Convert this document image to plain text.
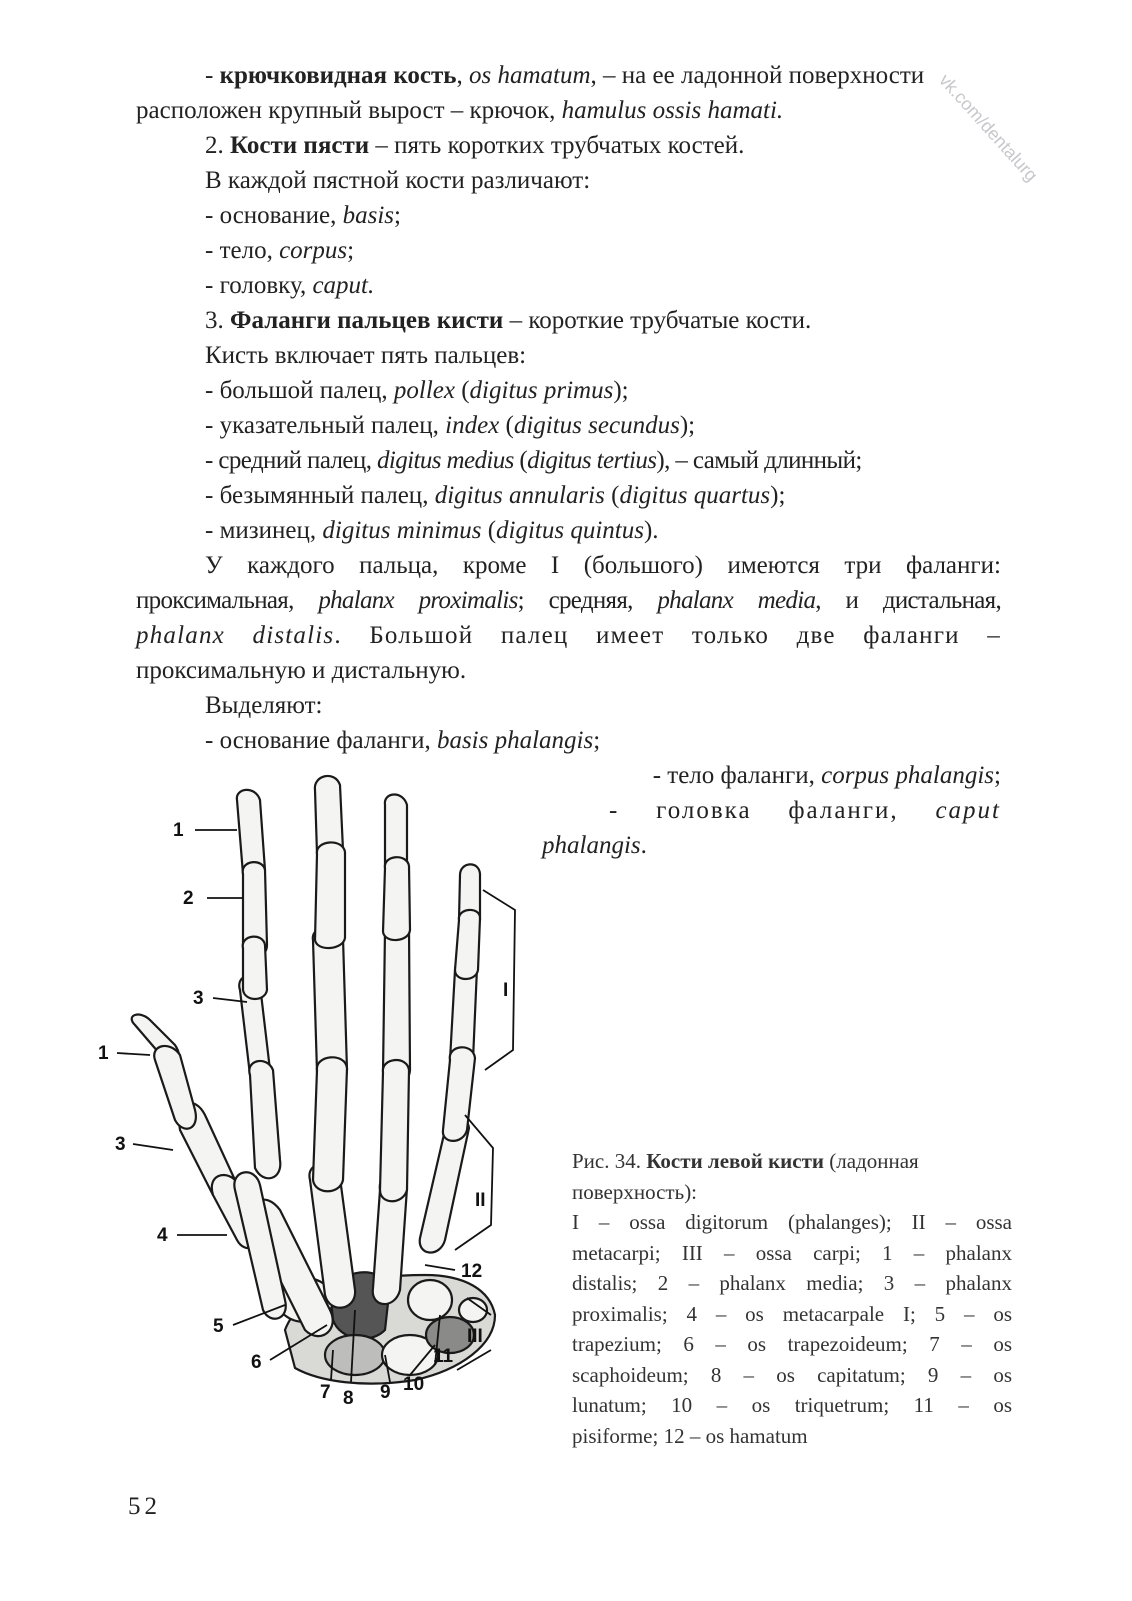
vk.com/dentalurg
- крючковидная кость, os hamatum, – на ее ладонной поверхности
расположен крупный вырост – крючок, hamulus ossis hamati.
2. Кости пясти – пять коротких трубчатых костей.
В каждой пястной кости различают:
- основание, basis;
- тело, corpus;
- головку, caput.
3. Фаланги пальцев кисти – короткие трубчатые кости.
Кисть включает пять пальцев:
- большой палец, pollex (digitus primus);
- указательный палец, index (digitus secundus);
- средний палец, digitus medius (digitus tertius), – самый длинный;
- безымянный палец, digitus annularis (digitus quartus);
- мизинец, digitus minimus (digitus quintus).
У каждого пальца, кроме I (большого) имеются три фаланги:
проксимальная, phalanx proximalis; средняя, phalanx media, и дистальная,
phalanx distalis. Большой палец имеет только две фаланги –
проксимальную и дистальную.
Выделяют:
- основание фаланги, basis phalangis;
- тело фаланги, corpus phalangis;
- головка фаланги, caput
phalangis.
1
2
3
1
3
4
5
6
7 8 9 10
11
12
I
II
III
Рис. 34. Кости левой кисти (ладонная
поверхность):
I – ossa digitorum (phalanges); II – ossa
metacarpi; III – ossa carpi; 1 – phalanx
distalis; 2 – phalanx media; 3 – phalanx
proximalis; 4 – os metacarpale I; 5 – os
trapezium; 6 – os trapezoideum; 7 – os
scaphoideum; 8 – os capitatum; 9 – os
lunatum; 10 – os triquetrum; 11 – os
pisiforme; 12 – os hamatum
52
